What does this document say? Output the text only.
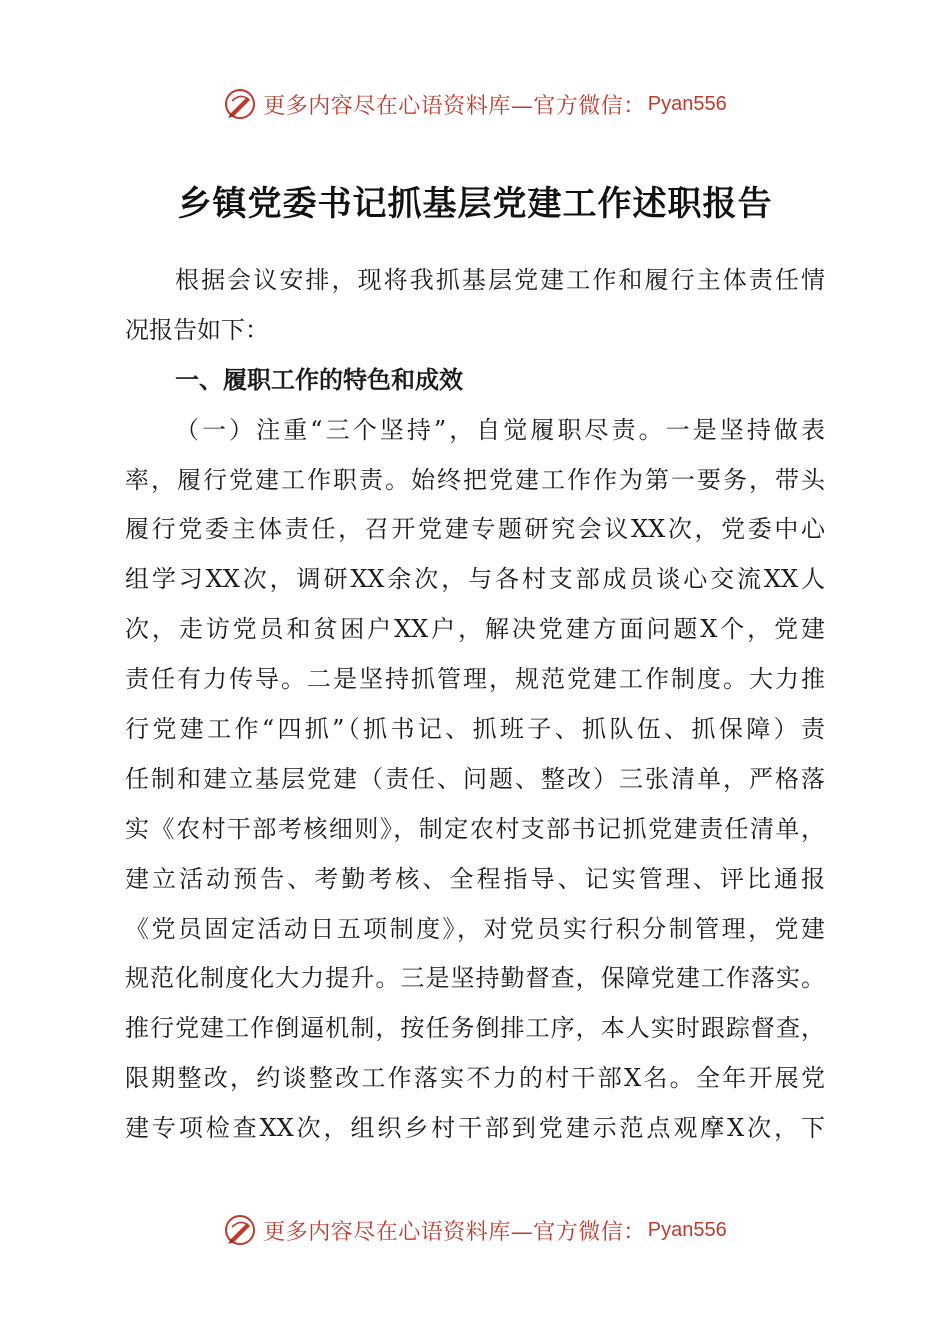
更多内容尽在心语资料库—官方微信： Pyan556
乡镇党委书记抓基层党建工作述职报告
根据会议安排，现将我抓基层党建工作和履行主体责任情
况报告如下：
一、履职工作的特色和成效
（一）注重“三个坚持”，自觉履职尽责。一是坚持做表
率，履行党建工作职责。始终把党建工作作为第一要务，带头
履行党委主体责任，召开党建专题研究会议XX次，党委中心
组学习XX次，调研XX余次，与各村支部成员谈心交流XX人
次，走访党员和贫困户XX户，解决党建方面问题X个，党建
责任有力传导。二是坚持抓管理，规范党建工作制度。大力推
行党建工作“四抓”（抓书记、抓班子、抓队伍、抓保障）责
任制和建立基层党建（责任、问题、整改）三张清单，严格落
实《农村干部考核细则》，制定农村支部书记抓党建责任清单，
建立活动预告、考勤考核、全程指导、记实管理、评比通报
《党员固定活动日五项制度》，对党员实行积分制管理，党建
规范化制度化大力提升。三是坚持勤督查，保障党建工作落实。
推行党建工作倒逼机制，按任务倒排工序，本人实时跟踪督查，
限期整改，约谈整改工作落实不力的村干部X名。全年开展党
建专项检查XX次，组织乡村干部到党建示范点观摩X次，下
更多内容尽在心语资料库—官方微信： Pyan556
